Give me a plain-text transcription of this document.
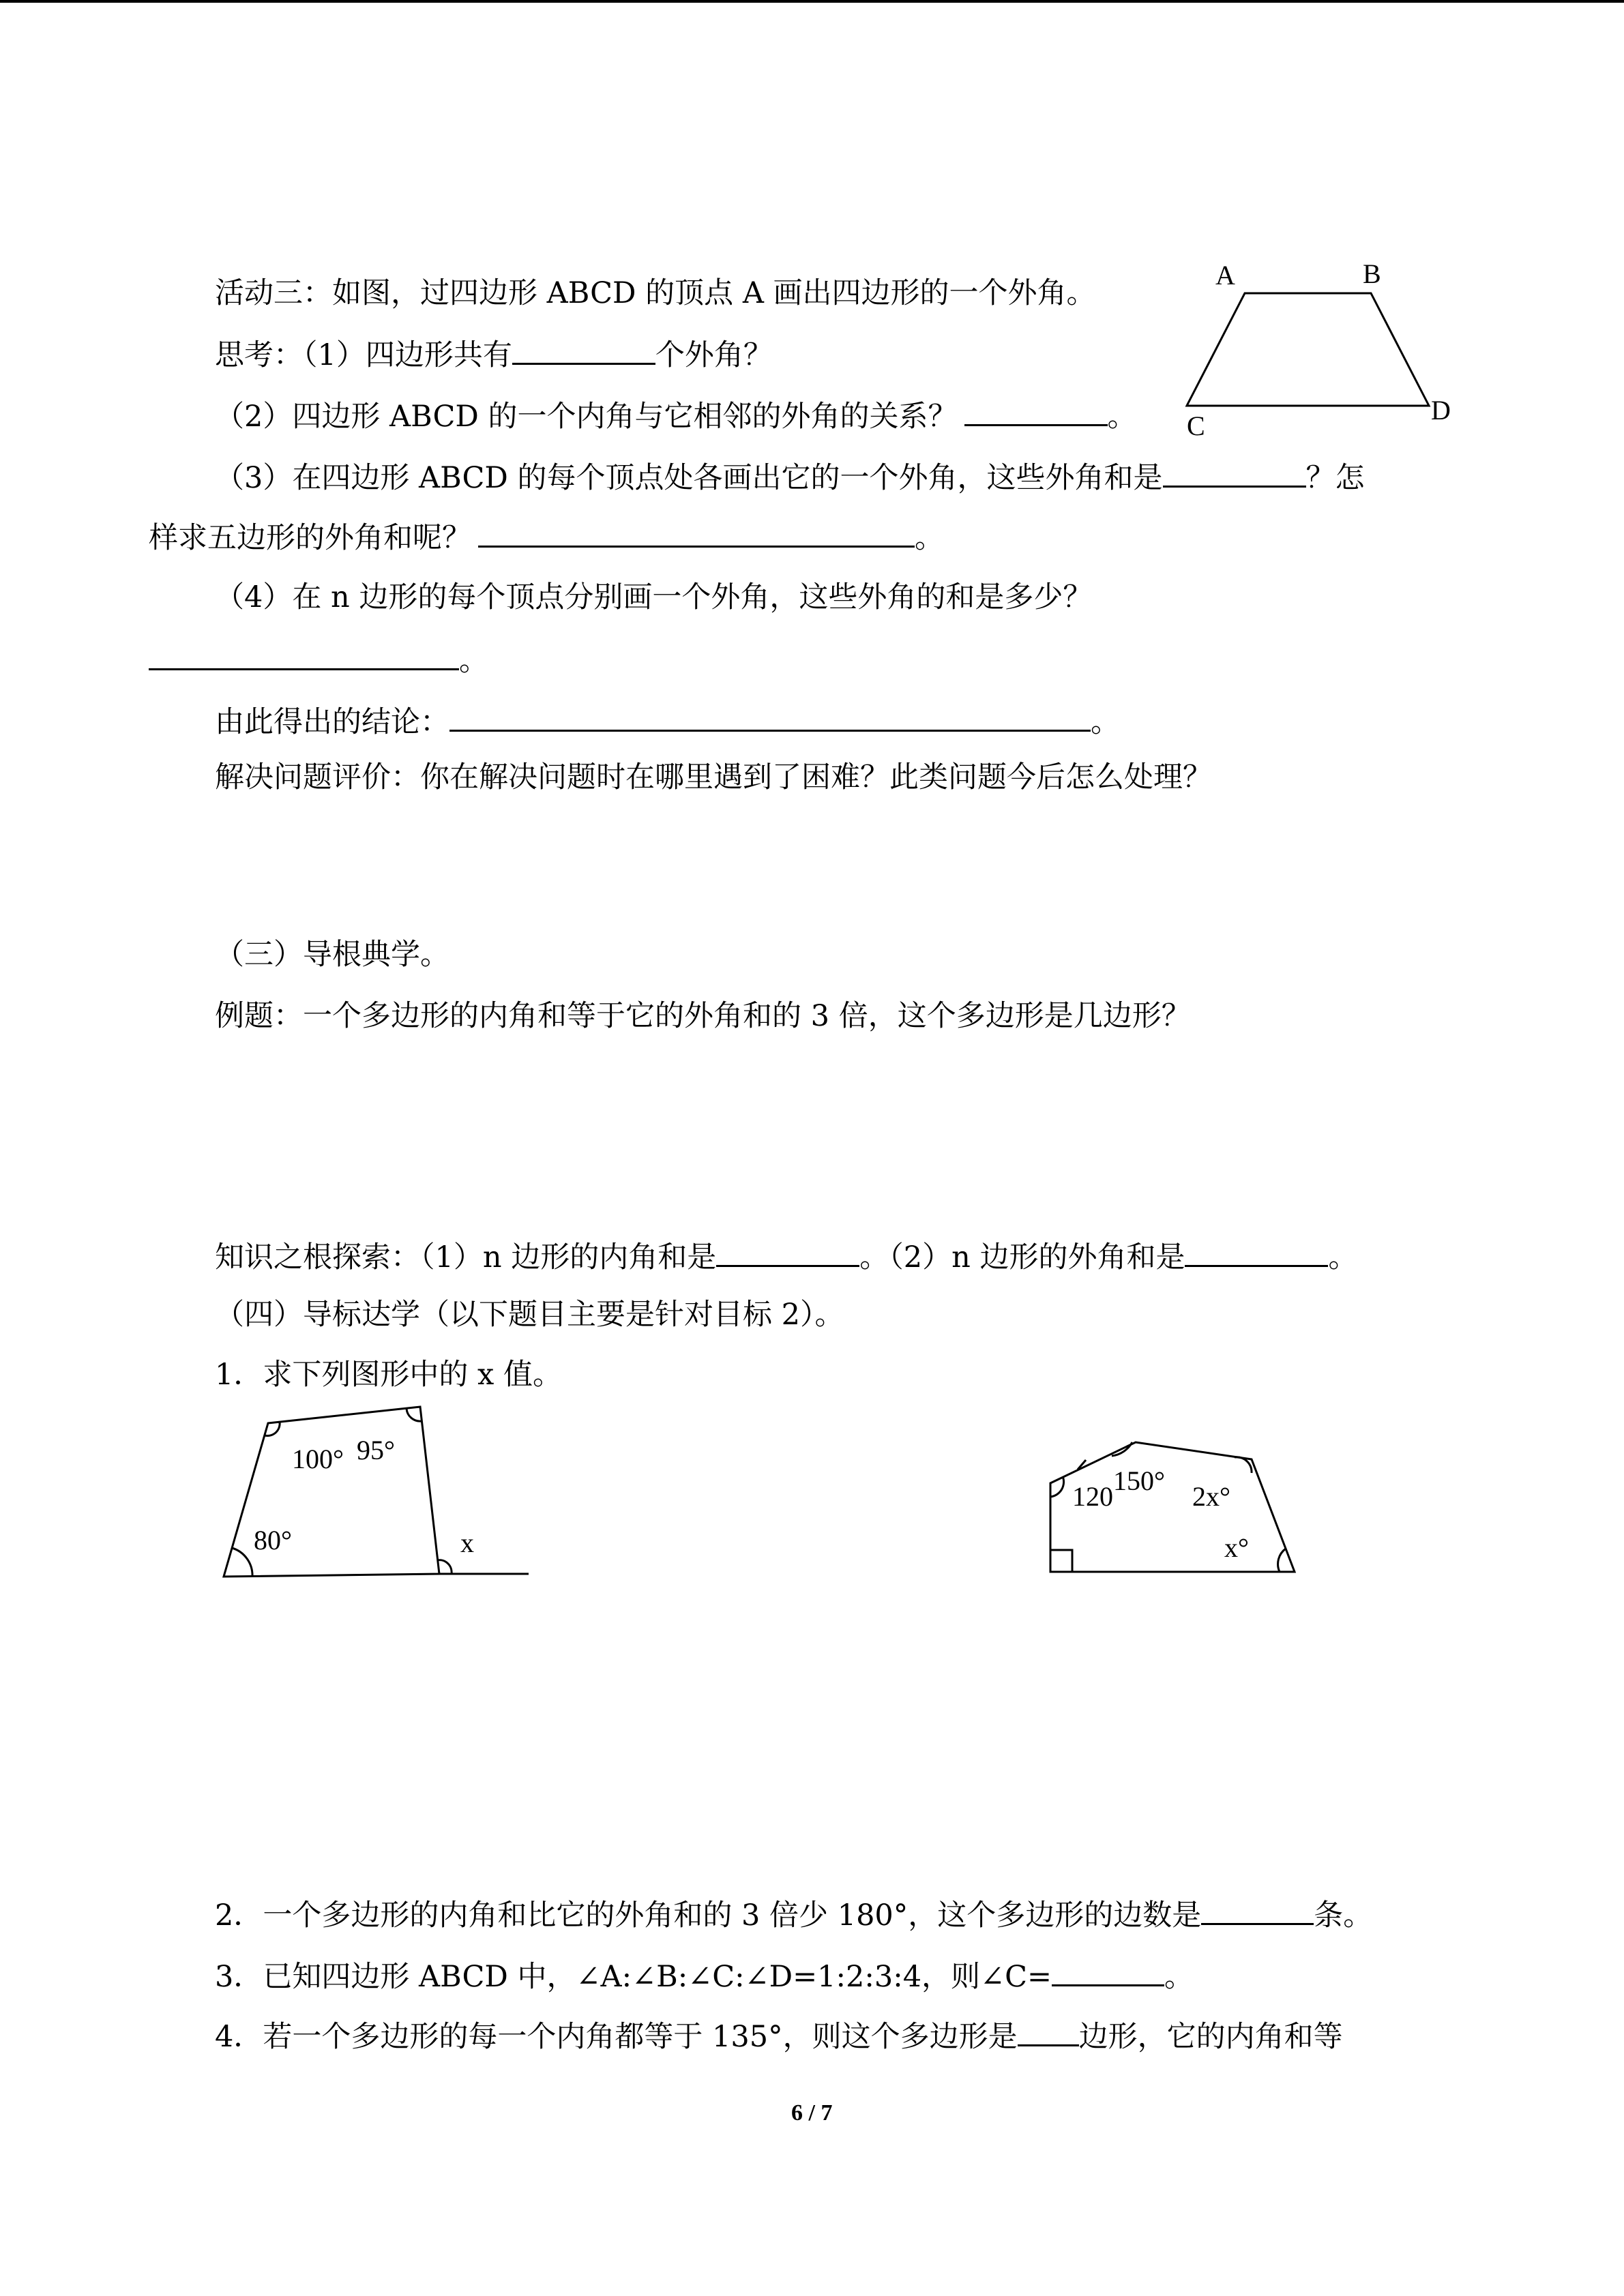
活动三：如图，过四边形 ABCD 的顶点 A 画出四边形的一个外角。
思考：（1）四边形共有	个外角？
（2）四边形 ABCD 的一个内角与它相邻的外角的关系？	。
（3）在四边形 ABCD 的每个顶点处各画出它的一个外角，这些外角和是	？怎
样求五边形的外角和呢？	。
（4）在 n 边形的每个顶点分别画一个外角，这些外角的和是多少？
。
由此得出的结论：	。
解决问题评价：你在解决问题时在哪里遇到了困难？此类问题今后怎么处理？
A	B
C
D
（三）导根典学。
例题：一个多边形的内角和等于它的外角和的 3 倍，这个多边形是几边形？
知识之根探索：（1）n 边形的内角和是	。（2）n 边形的外角和是	。
（四）导标达学（以下题目主要是针对目标 2）。
1．求下列图形中的 x 值。
100° 95°
80°	x
120
150°
2x°
x°
2．一个多边形的内角和比它的外角和的 3 倍少 180°，这个多边形的边数是	条。
3．已知四边形 ABCD 中，∠A:∠B:∠C:∠D=1:2:3:4，则∠C=	。
4．若一个多边形的每一个内角都等于 135°，则这个多边形是 边形，它的内角和等
6 / 7
